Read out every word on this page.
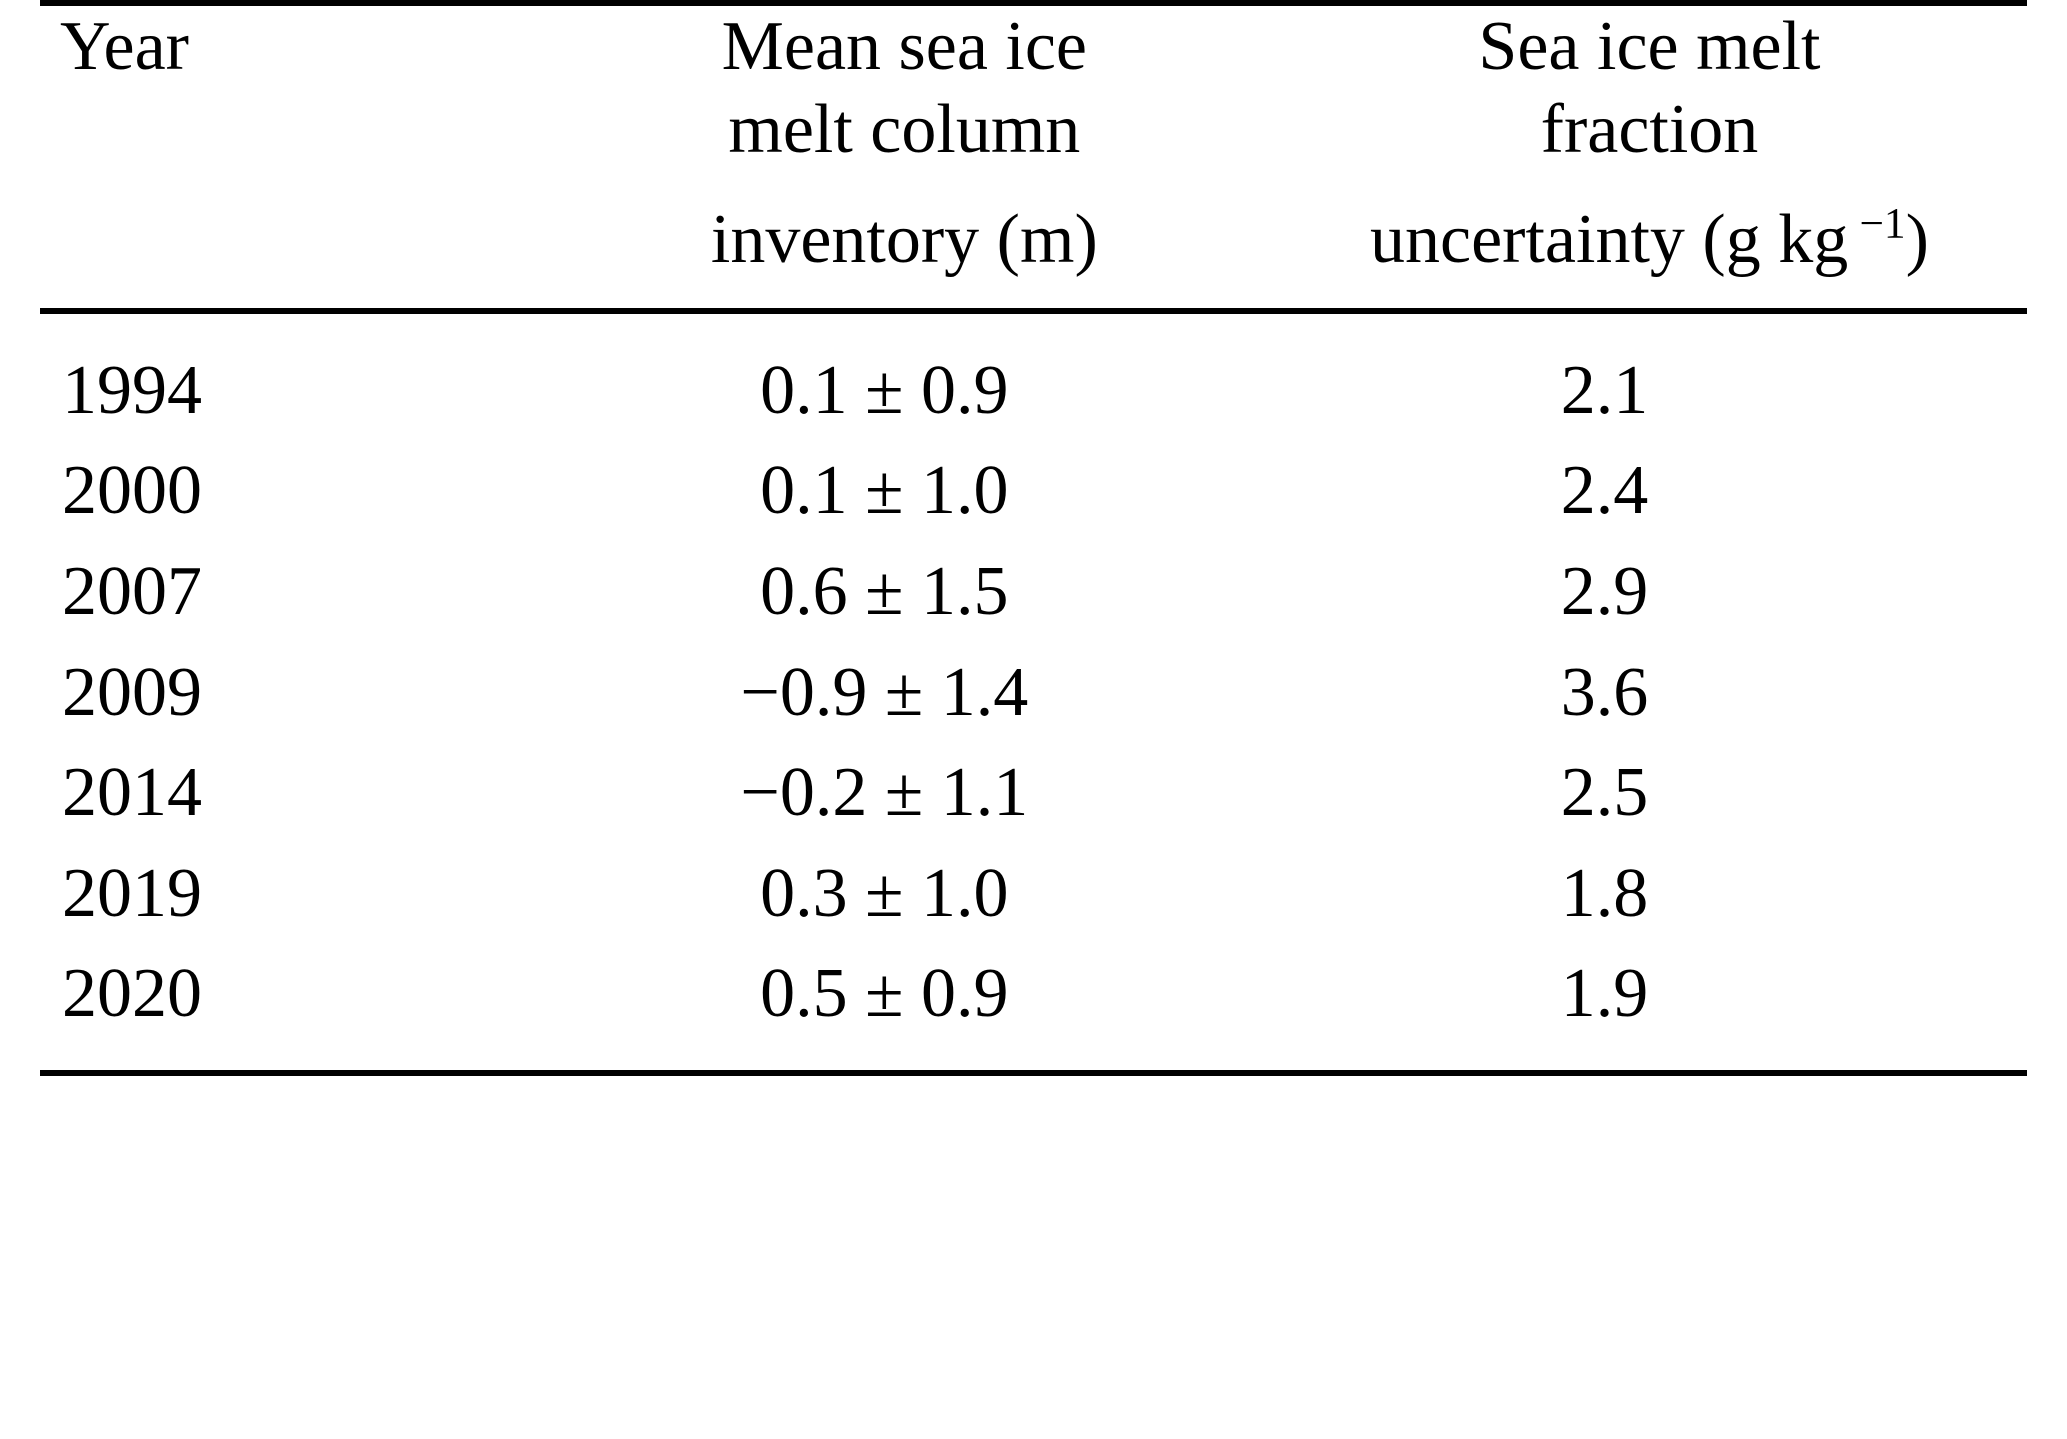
Year	Mean sea ice	Sea ice melt

	melt column	fraction

	inventory (m)	uncertainty (g kg $^{-1}$)

1994	0.1 ± 0.9	2.1
2000	0.1 ± 1.0	2.4
2007	0.6 ± 1.5	2.9
2009	−0.9 ± 1.4	3.6
2014	−0.2 ± 1.1	2.5
2019	0.3 ± 1.0	1.8
2020	0.5 ± 0.9	1.9
